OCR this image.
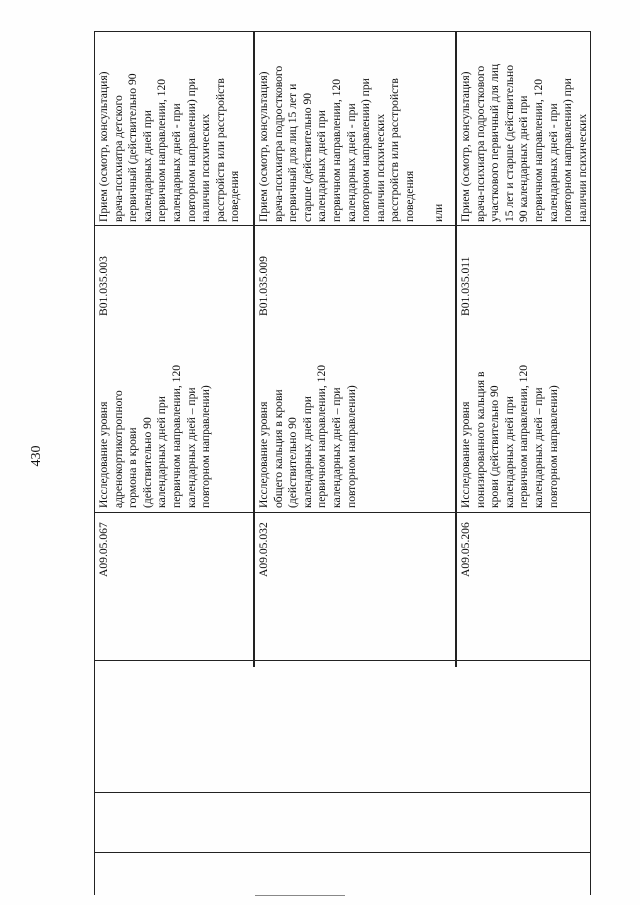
430
A09.05.067
Исследование уровня адренокортикотропного гормона в крови (действительно 90 календарных дней при первичном направлении, 120 календарных дней – при повторном направлении)
B01.035.003
Прием (осмотр, консультация) врача-психиатра детского первичный (действительно 90 календарных дней при первичном направлении, 120 календарных дней - при повторном направлении) при наличии психических расстройств или расстройств поведения
A09.05.032
Исследование уровня общего кальция в крови (действительно 90 календарных дней при первичном направлении, 120 календарных дней – при повторном направлении)
B01.035.009
Прием (осмотр, консультация) врача-психиатра подросткового первичный для лиц 15 лет и старше (действительно 90 календарных дней при первичном направлении, 120 календарных дней - при повторном направлении) при наличии психических расстройств или расстройств поведения или
A09.05.206
Исследование уровня ионизированного кальция в крови (действительно 90 календарных дней при первичном направлении, 120 календарных дней – при повторном направлении)
B01.035.011
Прием (осмотр, консультация) врача-психиатра подросткового участкового первичный для лиц 15 лет и старше (действительно 90 календарных дней при первичном направлении, 120 календарных дней - при повторном направлении) при наличии психических
